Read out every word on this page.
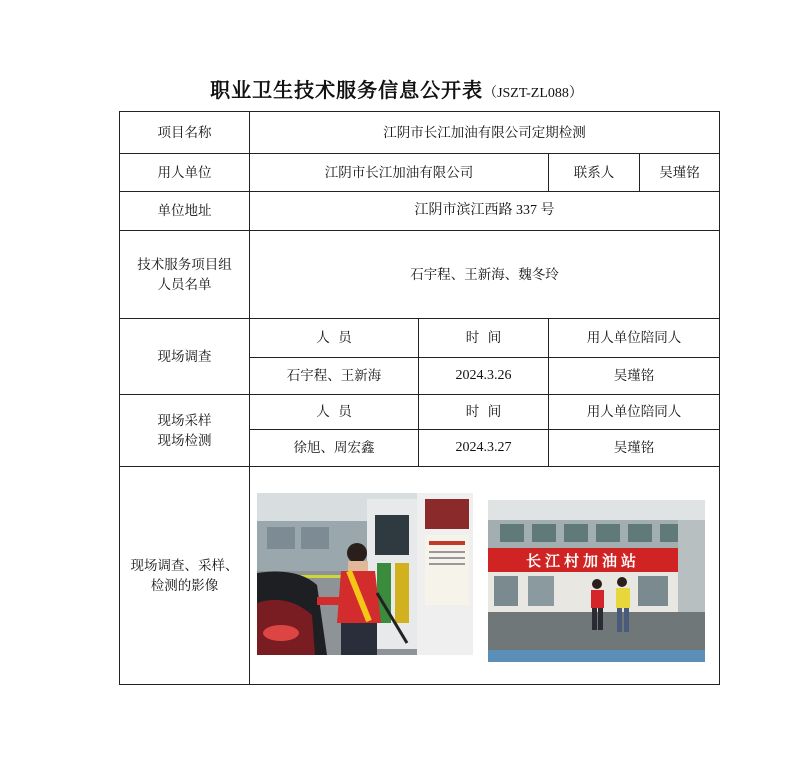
职业卫生技术服务信息公开表（JSZT-ZL088）
项目名称	江阴市长江加油有限公司定期检测			
用人单位	江阴市长江加油有限公司		联系人	吴瑾铭
单位地址	江阴市滨江西路 337 号			

技术服务项目组
人员名单	石宇程、王新海、魏冬玲			
现场调查	人  员	时  间	用人单位陪同人	
	石宇程、王新海	2024.3.26	吴瑾铭	

现场采样
现场检测	人  员	时  间	用人单位陪同人	
	徐旭、周宏鑫	2024.3.27	吴瑾铭	

现场调查、采样、
检测的影像	长江村加油站			
